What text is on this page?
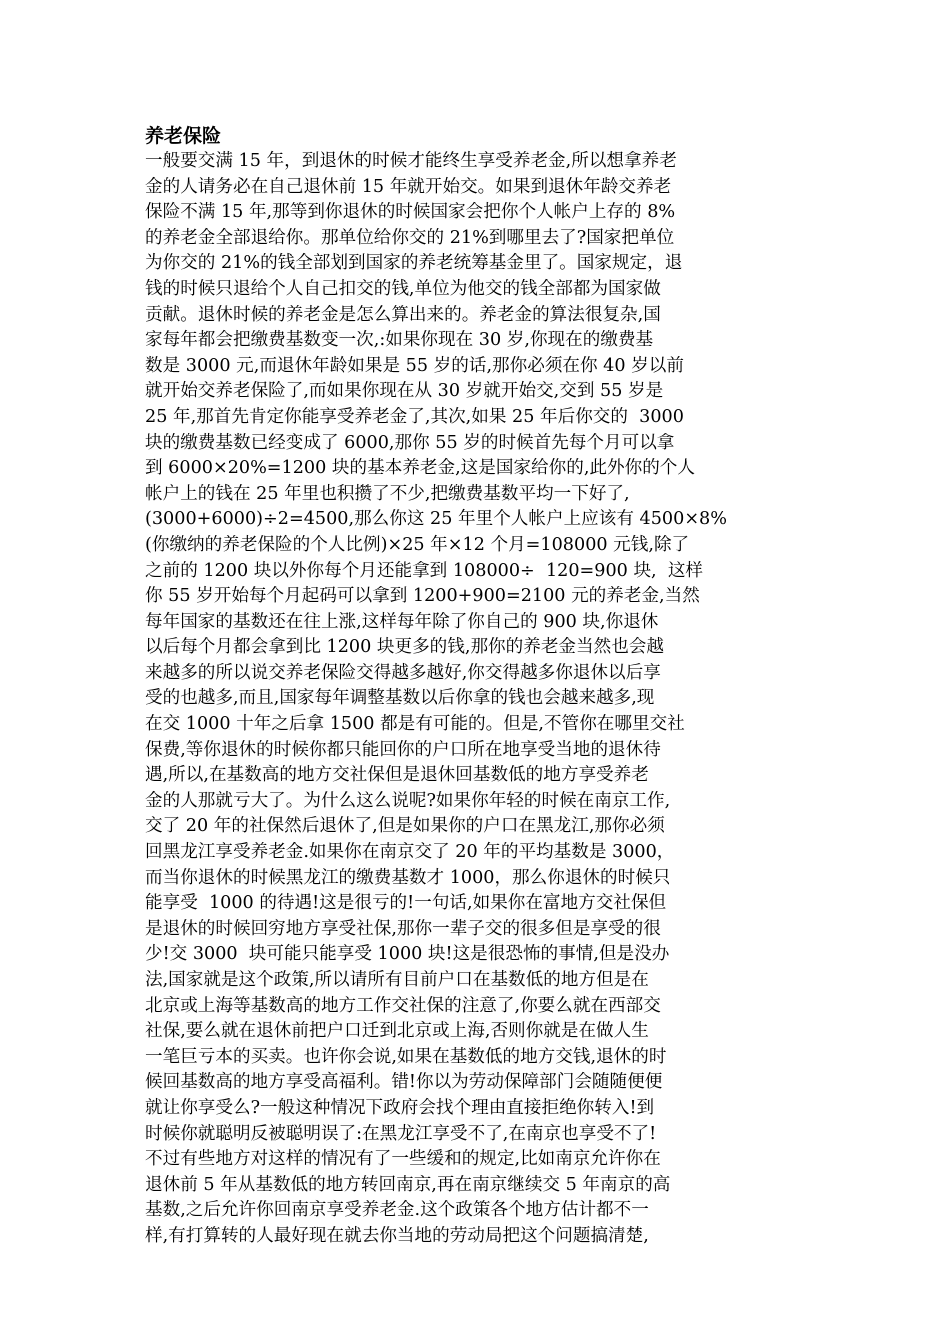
养老保险
一般要交满 15 年，到退休的时候才能终生享受养老金,所以想拿养老
金的人请务必在自己退休前 15 年就开始交。如果到退休年龄交养老
保险不满 15 年,那等到你退休的时候国家会把你个人帐户上存的 8%
的养老金全部退给你。那单位给你交的 21%到哪里去了?国家把单位
为你交的 21%的钱全部划到国家的养老统筹基金里了。国家规定，退
钱的时候只退给个人自己扣交的钱,单位为他交的钱全部都为国家做
贡献。退休时候的养老金是怎么算出来的。养老金的算法很复杂,国
家每年都会把缴费基数变一次,:如果你现在 30 岁,你现在的缴费基
数是 3000 元,而退休年龄如果是 55 岁的话,那你必须在你 40 岁以前
就开始交养老保险了,而如果你现在从 30 岁就开始交,交到 55 岁是
25 年,那首先肯定你能享受养老金了,其次,如果 25 年后你交的  3000
块的缴费基数已经变成了 6000,那你 55 岁的时候首先每个月可以拿
到 6000×20%=1200 块的基本养老金,这是国家给你的,此外你的个人
帐户上的钱在 25 年里也积攒了不少,把缴费基数平均一下好了,
(3000+6000)÷2=4500,那么你这 25 年里个人帐户上应该有 4500×8%
(你缴纳的养老保险的个人比例)×25 年×12 个月=108000 元钱,除了
之前的 1200 块以外你每个月还能拿到 108000÷  120=900 块,  这样
你 55 岁开始每个月起码可以拿到 1200+900=2100 元的养老金,当然
每年国家的基数还在往上涨,这样每年除了你自己的 900 块,你退休
以后每个月都会拿到比 1200 块更多的钱,那你的养老金当然也会越
来越多的所以说交养老保险交得越多越好,你交得越多你退休以后享
受的也越多,而且,国家每年调整基数以后你拿的钱也会越来越多,现
在交 1000 十年之后拿 1500 都是有可能的。但是,不管你在哪里交社
保费,等你退休的时候你都只能回你的户口所在地享受当地的退休待
遇,所以,在基数高的地方交社保但是退休回基数低的地方享受养老
金的人那就亏大了。为什么这么说呢?如果你年轻的时候在南京工作,
交了 20 年的社保然后退休了,但是如果你的户口在黑龙江,那你必须
回黑龙江享受养老金.如果你在南京交了 20 年的平均基数是 3000，
而当你退休的时候黑龙江的缴费基数才 1000，那么你退休的时候只
能享受  1000 的待遇!这是很亏的!一句话,如果你在富地方交社保但
是退休的时候回穷地方享受社保,那你一辈子交的很多但是享受的很
少!交 3000  块可能只能享受 1000 块!这是很恐怖的事情,但是没办
法,国家就是这个政策,所以请所有目前户口在基数低的地方但是在
北京或上海等基数高的地方工作交社保的注意了,你要么就在西部交
社保,要么就在退休前把户口迁到北京或上海,否则你就是在做人生
一笔巨亏本的买卖。也许你会说,如果在基数低的地方交钱,退休的时
候回基数高的地方享受高福利。错!你以为劳动保障部门会随随便便
就让你享受么?一般这种情况下政府会找个理由直接拒绝你转入!到
时候你就聪明反被聪明误了:在黑龙江享受不了,在南京也享受不了!
不过有些地方对这样的情况有了一些缓和的规定,比如南京允许你在
退休前 5 年从基数低的地方转回南京,再在南京继续交 5 年南京的高
基数,之后允许你回南京享受养老金.这个政策各个地方估计都不一
样,有打算转的人最好现在就去你当地的劳动局把这个问题搞清楚,
